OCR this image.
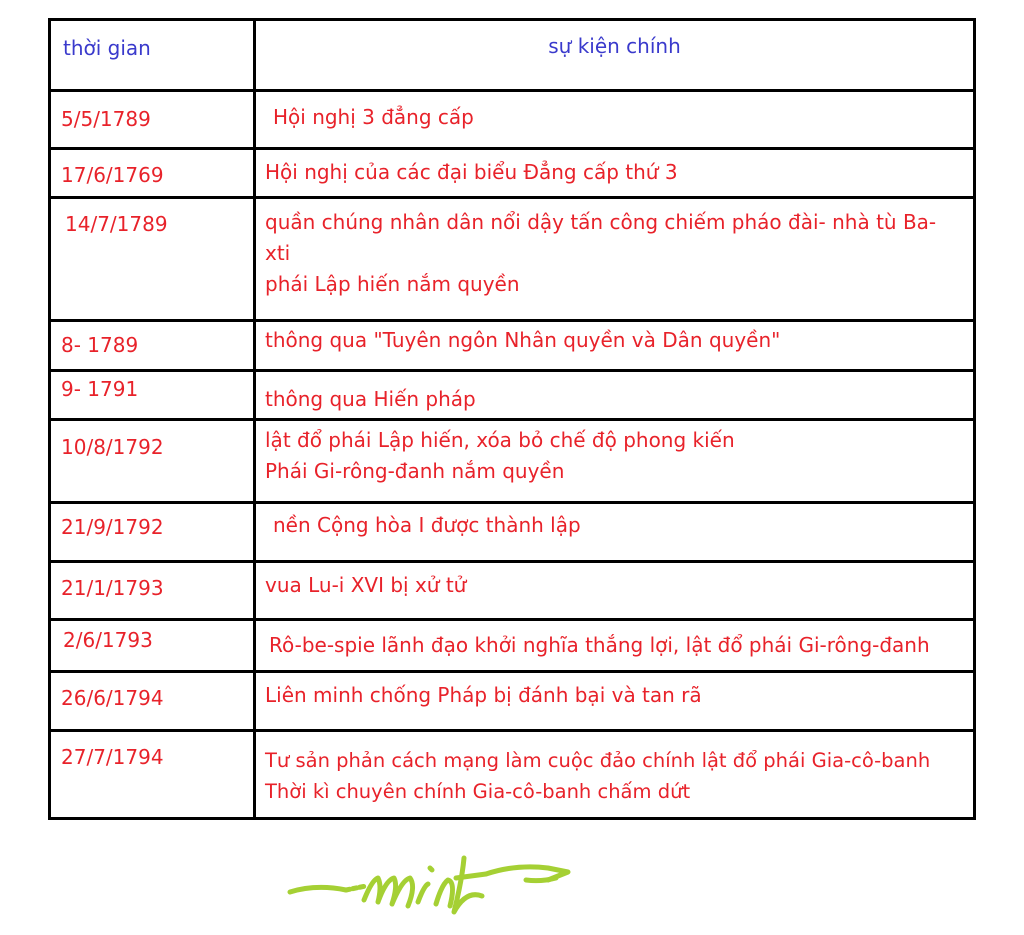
thời gian	sự kiện chính
5/5/1789	Hội nghị 3 đẳng cấp
17/6/1769	Hội nghị của các đại biểu Đẳng cấp thứ 3
14/7/1789	quần chúng nhân dân nổi dậy tấn công chiếm pháo đài- nhà tù Ba-
xti
phái Lập hiến nắm quyền
8- 1789	thông qua "Tuyên ngôn Nhân quyền và Dân quyền"
9- 1791	thông qua Hiến pháp
10/8/1792	lật đổ phái Lập hiến, xóa bỏ chế độ phong kiến
Phái Gi-rông-đanh nắm quyền
21/9/1792	nền Cộng hòa I được thành lập
21/1/1793	vua Lu-i XVI bị xử tử
2/6/1793	Rô-be-spie lãnh đạo khởi nghĩa thắng lợi, lật đổ phái Gi-rông-đanh
26/6/1794	Liên minh chống Pháp bị đánh bại và tan rã
27/7/1794	Tư sản phản cách mạng làm cuộc đảo chính lật đổ phái Gia-cô-banh
Thời kì chuyên chính Gia-cô-banh chấm dứt
